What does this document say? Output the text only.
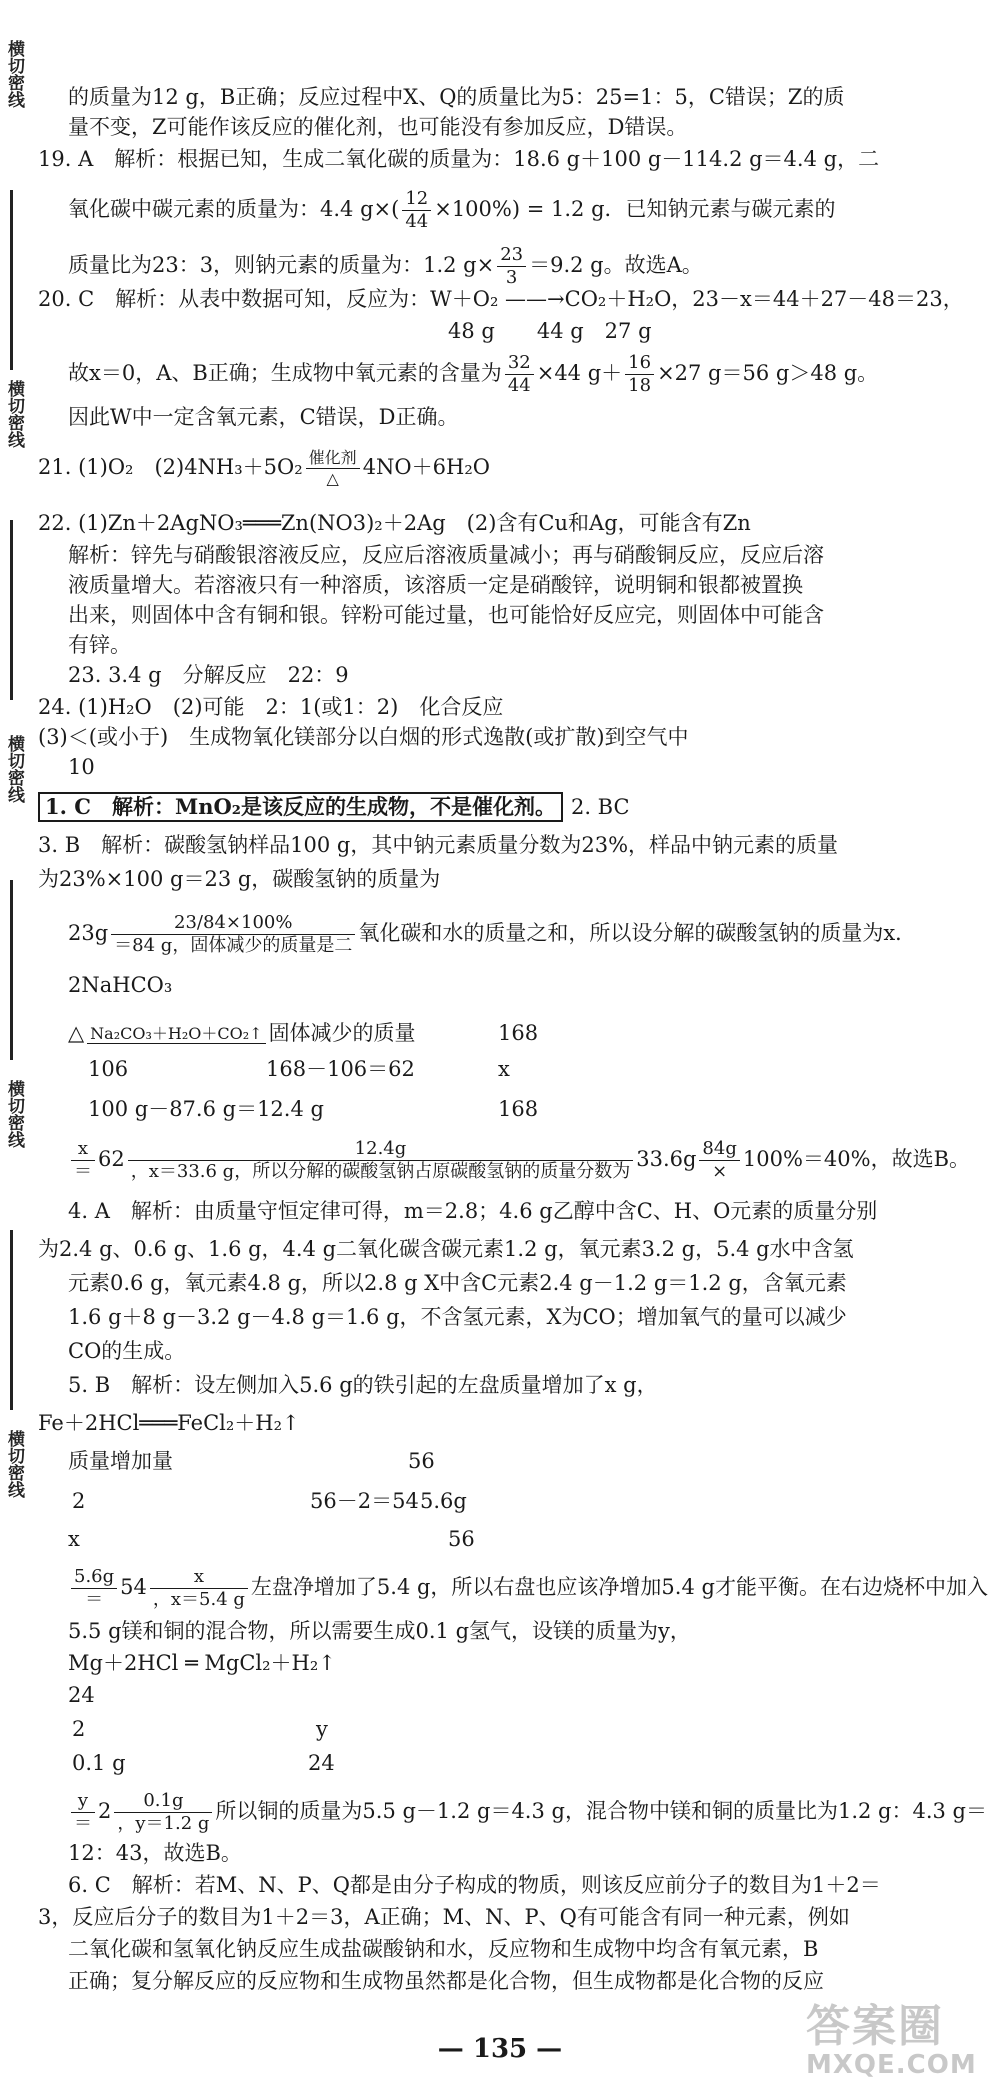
横切密线
横切密线
横切密线
横切密线
横切密线
的质量为12 g，B正确；反应过程中X、Q的质量比为5：25=1：5，C错误；Z的质
量不变，Z可能作该反应的催化剂，也可能没有参加反应，D错误。
19. A　解析：根据已知，生成二氧化碳的质量为：18.6 g＋100 g－114.2 g＝4.4 g，二
氧化碳中碳元素的质量为：4.4 $g\times( \frac{12}{44} \times 100\%) = 1.2$ g．已知钠元素与碳元素的
质量比为23：3，则钠元素的质量为：1.2 $g\times \frac{23}{3} =9.2$ g。故选A。
20. C　解析：从表中数据可知，反应为：W＋O₂ ——→CO₂＋H₂O，23－x＝44＋27－48＝23，
48 g　　44 g　27 g
故x＝0，A、B正确；生成物中氧元素的含量为 $\frac{32}{44} \times 44$ $g+ \frac{16}{18} \times 27$ g＝56 g＞48 g。
因此W中一定含氧元素，C错误，D正确。
21. (1)O₂　$(2)4NH_3+5O_2 \frac{\text{催化剂}}{\triangle} 4NO+6H_2O$
22. (1)Zn＋2AgNO₃═══Zn(NO3)₂＋2Ag　(2)含有Cu和Ag，可能含有Zn
解析：锌先与硝酸银溶液反应，反应后溶液质量减小；再与硝酸铜反应，反应后溶
液质量增大。若溶液只有一种溶质，该溶质一定是硝酸锌，说明铜和银都被置换
出来，则固体中含有铜和银。锌粉可能过量，也可能恰好反应完，则固体中可能含
有锌。
23. 3.4 g　分解反应　22：9
24. (1)H₂O　(2)可能　2：1(或1：2)　化合反应
(3)＜(或小于)　生成物氧化镁部分以白烟的形式逸散(或扩散)到空气中
10
1. C　解析：MnO₂是该反应的生成物，不是催化剂。 2. BC
3. B　解析：碳酸氢钠样品100 g，其中钠元素质量分数为23%，样品中钠元素的质量
为23%×100 g＝23 g，碳酸氢钠的质量为
$23g \frac{23/84\times 100\%}{\text{＝84 g，固体减少的质量是二}}$ 氧化碳和水的质量之和，所以设分解的碳酸氢钠的质量为x．
2NaHCO₃
△ Na₂CO₃＋H₂O＋CO₂↑ 固体减少的质量	168
106	168－106＝62	x
100 g－87.6 g＝12.4 g	168
$\frac{x}{=} 62 \frac{12.4g}{\text{，x＝33.6 g，所以分解的碳酸氢钠占原碳酸氢钠的质量分数为}} 33.6g \frac{84g}{\times} 100\%=40\%$，故选B。
4. A　解析：由质量守恒定律可得，m＝2.8；4.6 g乙醇中含C、H、O元素的质量分别
为2.4 g、0.6 g、1.6 g，4.4 g二氧化碳含碳元素1.2 g，氧元素3.2 g，5.4 g水中含氢
元素0.6 g，氧元素4.8 g，所以2.8 g X中含C元素2.4 g－1.2 g＝1.2 g，含氧元素
1.6 g＋8 g－3.2 g－4.8 g＝1.6 g，不含氢元素，X为CO；增加氧气的量可以减少
CO的生成。
5. B　解析：设左侧加入5.6 g的铁引起的左盘质量增加了x g，
Fe＋2HCl═══FeCl₂＋H₂↑
质量增加量	56
2	56－2＝54 5.6g
x	56
$\frac{5.6g}{=} 54 \frac{x}{,x=5.4 g}$ 左盘净增加了5.4 g，所以右盘也应该净增加5.4 g才能平衡。在右边烧杯中加入
5.5 g镁和铜的混合物，所以需要生成0.1 g氢气，设镁的质量为y，
Mg＋2HCl ═ MgCl₂＋H₂↑
24
2	y
0.1 g	24
$\frac{y}{=} 2 \frac{0.1g}{,y=1.2 g}$ 所以铜的质量为5.5 g－1.2 g＝4.3 g，混合物中镁和铜的质量比为1.2 g：4.3 g＝
12：43，故选B。
6. C　解析：若M、N、P、Q都是由分子构成的物质，则该反应前分子的数目为1＋2＝
3，反应后分子的数目为1＋2＝3，A正确；M、N、P、Q有可能含有同一种元素，例如
二氧化碳和氢氧化钠反应生成盐碳酸钠和水，反应物和生成物中均含有氧元素，B
正确；复分解反应的反应物和生成物虽然都是化合物，但生成物都是化合物的反应
— 135 —	答案圈
MXQE.COM
